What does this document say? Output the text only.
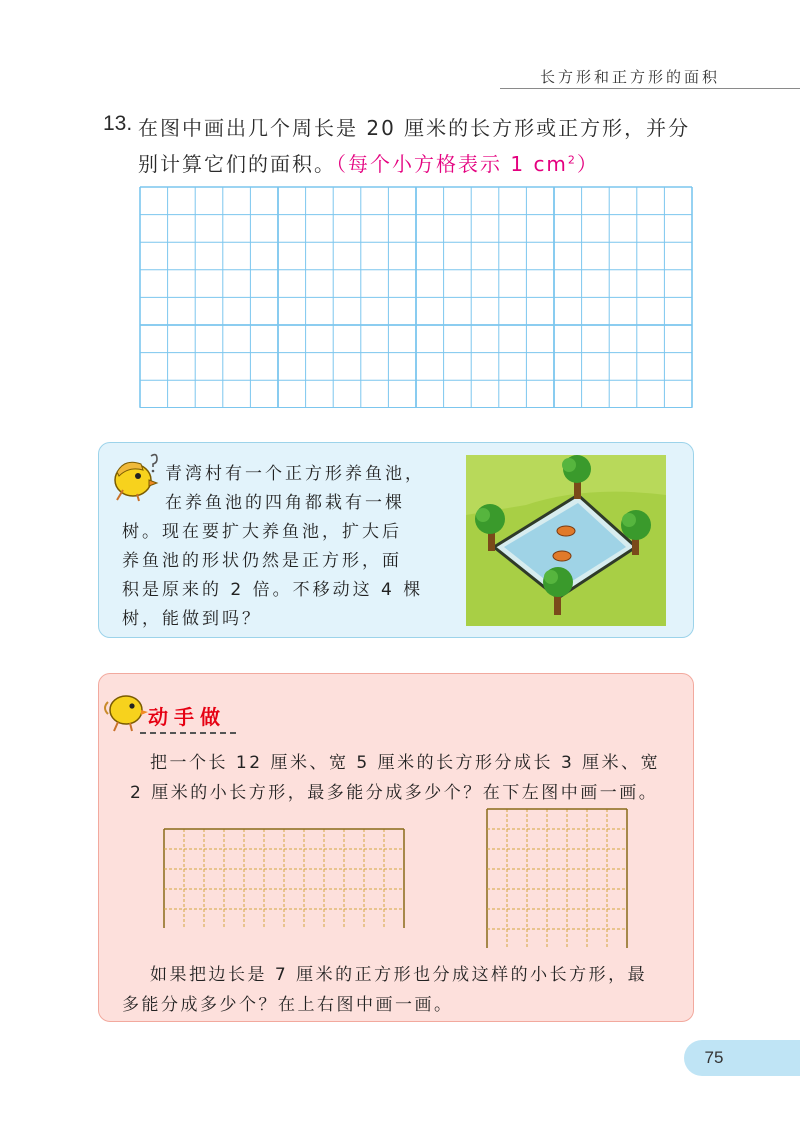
长方形和正方形的面积
13. 在图中画出几个周长是 20 厘米的长方形或正方形，并分
别计算它们的面积。（每个小方格表示 1 $cm^2$）
青湾村有一个正方形养鱼池，
在养鱼池的四角都栽有一棵
树。现在要扩大养鱼池，扩大后
养鱼池的形状仍然是正方形，面
积是原来的 2 倍。不移动这 4 棵
树，能做到吗？
动手做
把一个长 12 厘米、宽 5 厘米的长方形分成长 3 厘米、宽
2 厘米的小长方形，最多能分成多少个？在下左图中画一画。
如果把边长是 7 厘米的正方形也分成这样的小长方形，最
多能分成多少个？在上右图中画一画。
75
